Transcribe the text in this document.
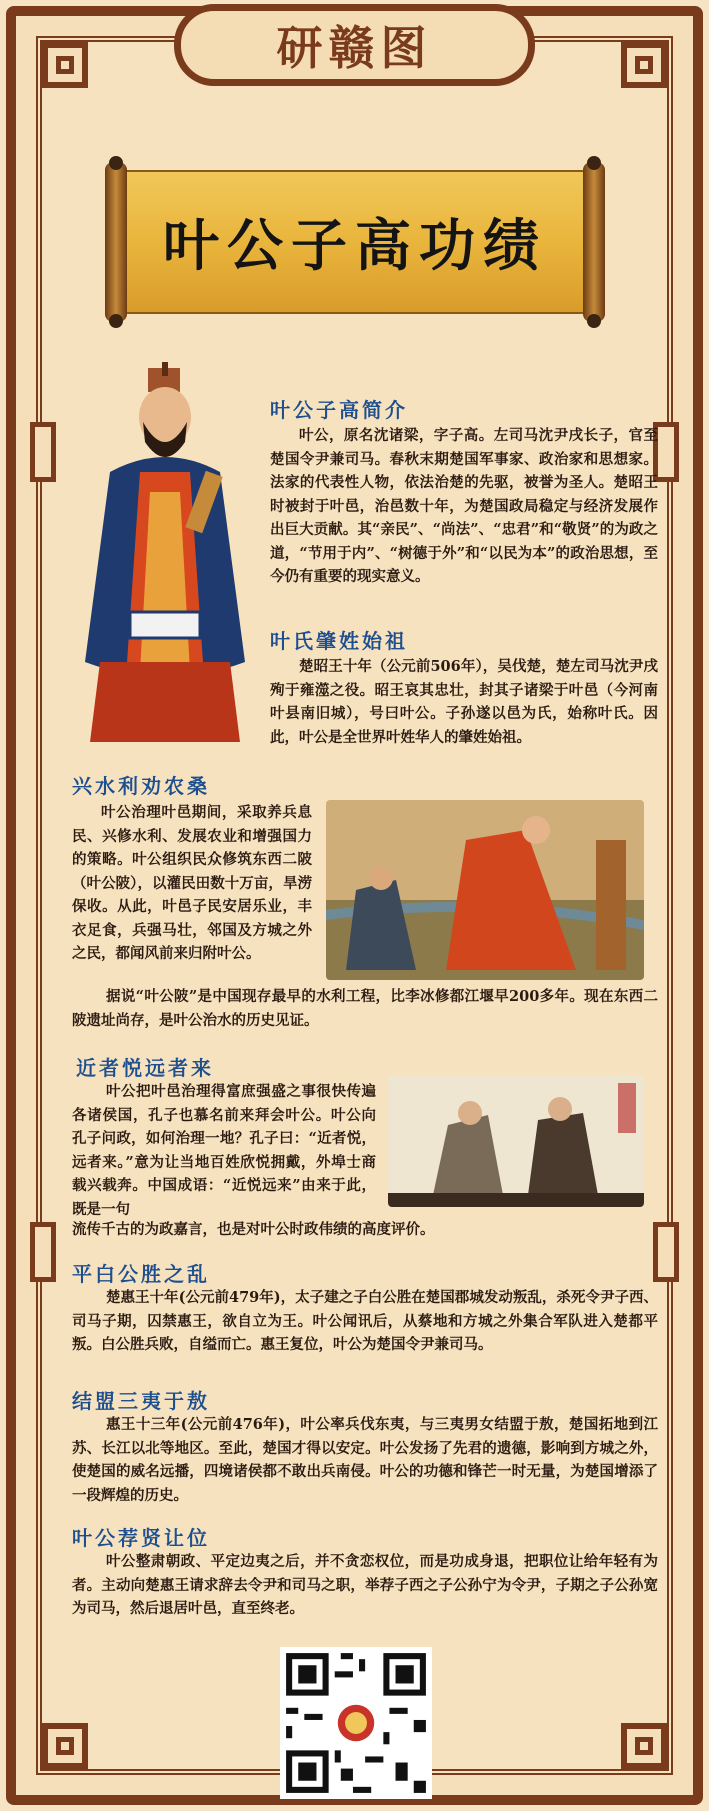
研赣图
叶公子高功绩
叶公子高简介
叶公，原名沈诸梁，字子高。左司马沈尹戌长子，官至楚国令尹兼司马。春秋末期楚国军事家、政治家和思想家。法家的代表性人物，依法治楚的先驱，被誉为圣人。楚昭王时被封于叶邑，治邑数十年，为楚国政局稳定与经济发展作出巨大贡献。其“亲民”、“尚法”、“忠君”和“敬贤”的为政之道，“节用于内”、“树德于外”和“以民为本”的政治思想，至今仍有重要的现实意义。
叶氏肇姓始祖
楚昭王十年（公元前506年），吴伐楚，楚左司马沈尹戌殉于雍澨之役。昭王哀其忠壮，封其子诸梁于叶邑（今河南叶县南旧城），号曰叶公。子孙遂以邑为氏，始称叶氏。因此，叶公是全世界叶姓华人的肇姓始祖。
兴水利劝农桑
叶公治理叶邑期间，采取养兵息民、兴修水利、发展农业和增强国力的策略。叶公组织民众修筑东西二陂（叶公陂），以灌民田数十万亩，旱涝保收。从此，叶邑子民安居乐业，丰衣足食，兵强马壮，邻国及方城之外之民，都闻风前来归附叶公。
据说“叶公陂”是中国现存最早的水利工程，比李冰修都江堰早200多年。现在东西二陂遗址尚存，是叶公治水的历史见证。
近者悦远者来
叶公把叶邑治理得富庶强盛之事很快传遍各诸侯国，孔子也慕名前来拜会叶公。叶公向孔子问政，如何治理一地？孔子曰：“近者悦，远者来。”意为让当地百姓欣悦拥戴，外埠士商载兴载奔。中国成语：“近悦远来”由来于此，既是一句
流传千古的为政嘉言，也是对叶公时政伟绩的高度评价。
平白公胜之乱
楚惠王十年(公元前479年)，太子建之子白公胜在楚国郡城发动叛乱，杀死令尹子西、司马子期，囚禁惠王，欲自立为王。叶公闻讯后，从蔡地和方城之外集合军队进入楚都平叛。白公胜兵败，自缢而亡。惠王复位，叶公为楚国令尹兼司马。
结盟三夷于敖
惠王十三年(公元前476年)，叶公率兵伐东夷，与三夷男女结盟于敖，楚国拓地到江苏、长江以北等地区。至此，楚国才得以安定。叶公发扬了先君的遗德，影响到方城之外，使楚国的威名远播，四境诸侯都不敢出兵南侵。叶公的功德和锋芒一时无量，为楚国增添了一段辉煌的历史。
叶公荐贤让位
叶公整肃朝政、平定边夷之后，并不贪恋权位，而是功成身退，把职位让给年轻有为者。主动向楚惠王请求辞去令尹和司马之职，举荐子西之子公孙宁为令尹，子期之子公孙宽为司马，然后退居叶邑，直至终老。
